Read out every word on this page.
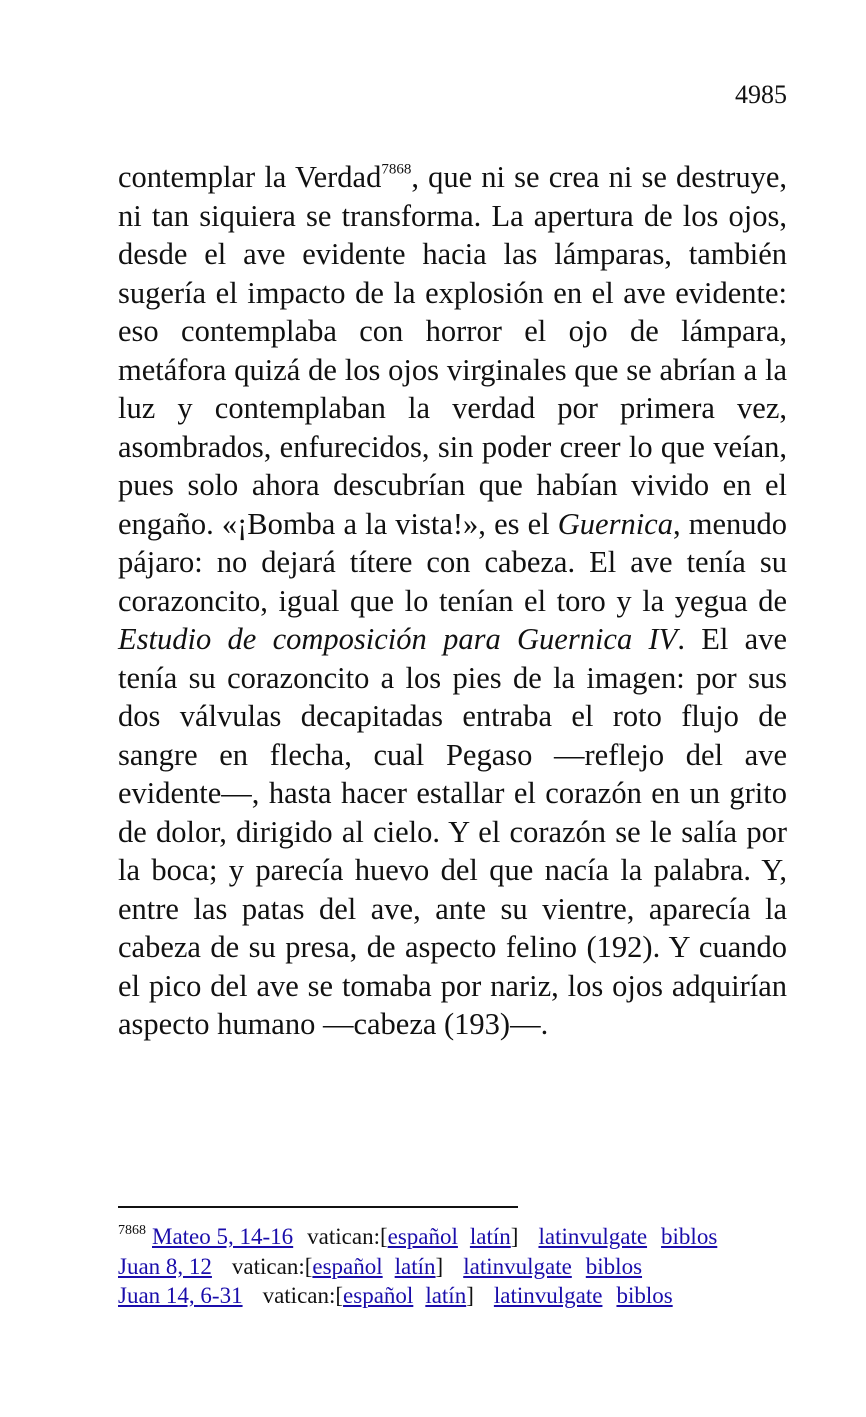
4985

contemplar la Verdad$^{7868}$, que ni se crea ni se destruye, ni tan siquiera se transforma. La apertura de los ojos, desde el ave evidente hacia las lámparas, también sugería el impacto de la explosión en el ave evidente: eso contemplaba con horror el ojo de lámpara, metáfora quizá de los ojos virginales que se abrían a la luz y contemplaban la verdad por primera vez, asombrados, enfurecidos, sin poder creer lo que veían, pues solo ahora descubrían que habían vivido en el engaño. «¡Bomba a la vista!», es el Guernica, menudo pájaro: no dejará títere con cabeza. El ave tenía su corazoncito, igual que lo tenían el toro y la yegua de Estudio de composición para Guernica IV. El ave tenía su corazoncito a los pies de la imagen: por sus dos válvulas decapitadas entraba el roto flujo de sangre en flecha, cual Pegaso ―reflejo del ave evidente―, hasta hacer estallar el corazón en un grito de dolor, dirigido al cielo. Y el corazón se le salía por la boca; y parecía huevo del que nacía la palabra. Y, entre las patas del ave, ante su vientre, aparecía la cabeza de su presa, de aspecto felino (192). Y cuando el pico del ave se tomaba por nariz, los ojos adquirían aspecto humano ―cabeza (193)―.

$^{7868}$ Mateo 5, 14-16 vatican:[español latín] latinvulgate biblos
Juan 8, 12 vatican:[español latín] latinvulgate biblos
Juan 14, 6-31 vatican:[español latín] latinvulgate biblos
